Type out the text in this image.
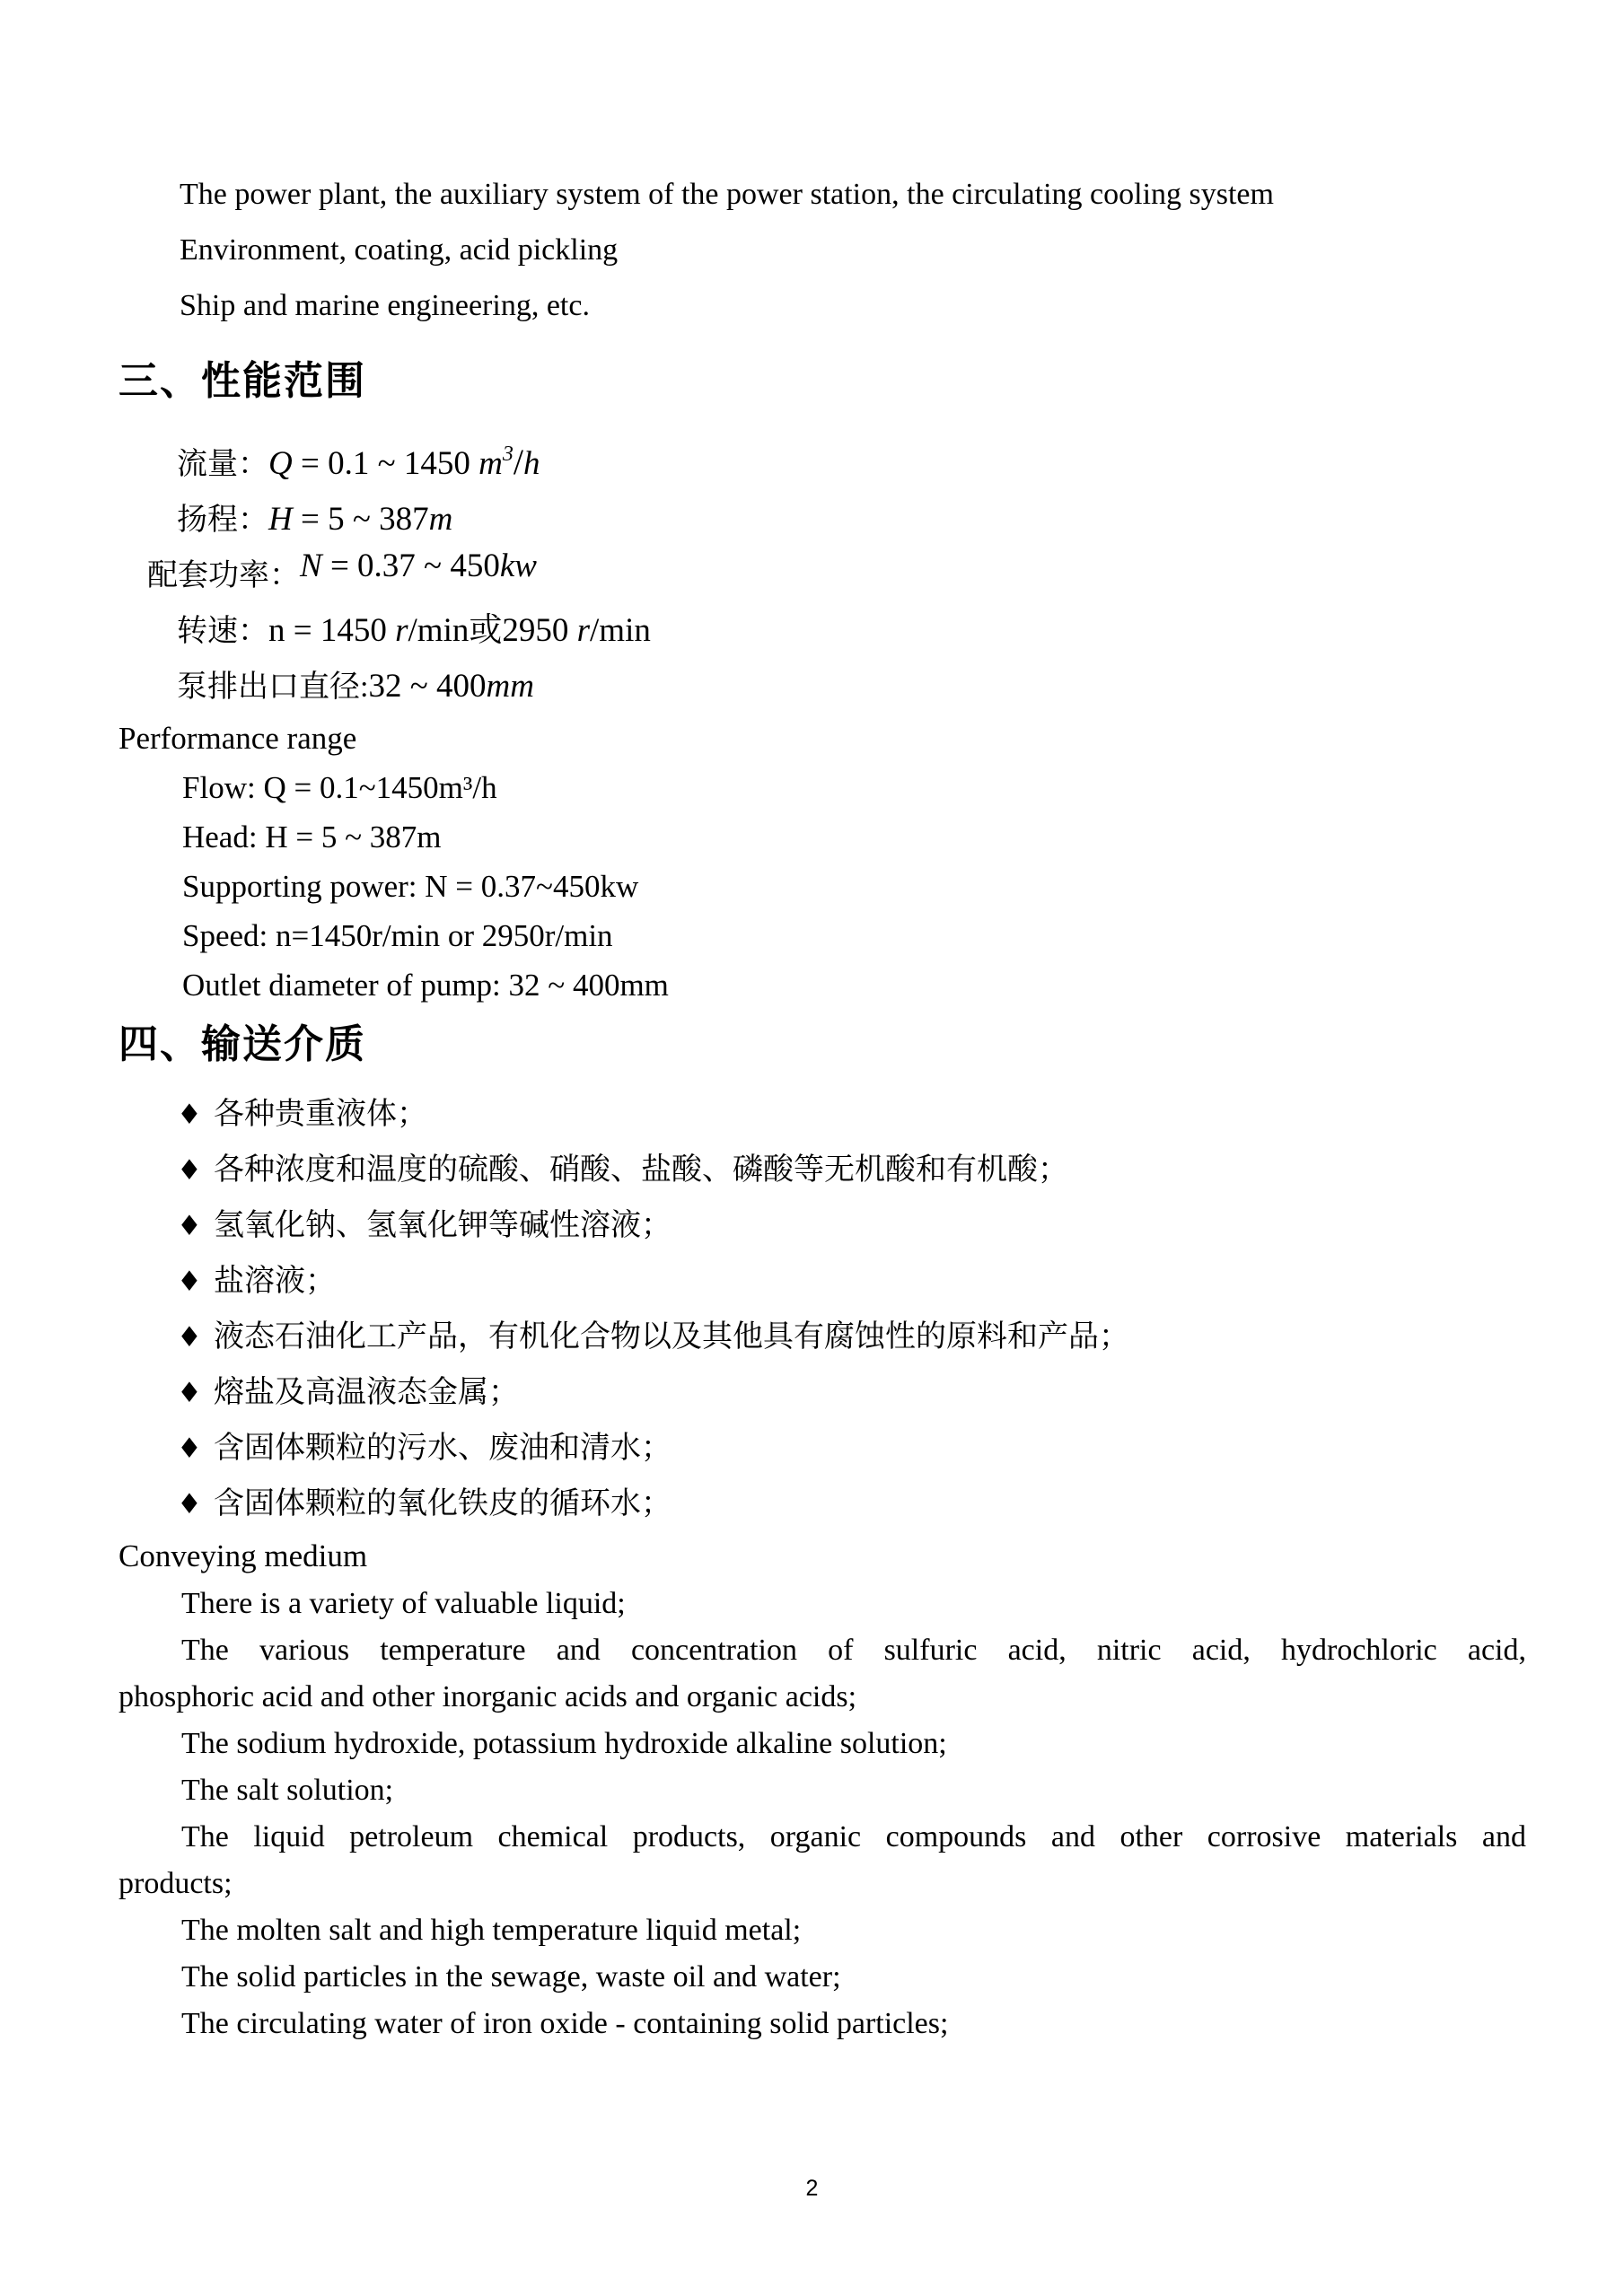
The power plant, the auxiliary system of the power station, the circulating cooling system

Environment, coating, acid pickling

Ship and marine engineering, etc.

三、性能范围

流量：Q = 0.1 ~ 1450 $m^3/h$

扬程：H = 5 ~ 387m

配套功率：N = 0.37 ~ 450kw

转速：n = 1450 r/min或2950 r/min

泵排出口直径:32 ~ 400mm

Performance range

Flow: Q = 0.1~1450m³/h

Head: H = 5 ~ 387m

Supporting power: N = 0.37~450kw

Speed: n=1450r/min or 2950r/min

Outlet diameter of pump: 32 ~ 400mm

四、输送介质
♦ 各种贵重液体；
♦ 各种浓度和温度的硫酸、硝酸、盐酸、磷酸等无机酸和有机酸；
♦ 氢氧化钠、氢氧化钾等碱性溶液；
♦ 盐溶液；
♦ 液态石油化工产品，有机化合物以及其他具有腐蚀性的原料和产品；
♦ 熔盐及高温液态金属；
♦ 含固体颗粒的污水、废油和清水；
♦ 含固体颗粒的氧化铁皮的循环水；

Conveying medium

There is a variety of valuable liquid;

The various temperature and concentration of sulfuric acid, nitric acid, hydrochloric acid,

phosphoric acid and other inorganic acids and organic acids;

The sodium hydroxide, potassium hydroxide alkaline solution;

The salt solution;

The liquid petroleum chemical products, organic compounds and other corrosive materials and

products;

The molten salt and high temperature liquid metal;

The solid particles in the sewage, waste oil and water;

The circulating water of iron oxide - containing solid particles;

2
